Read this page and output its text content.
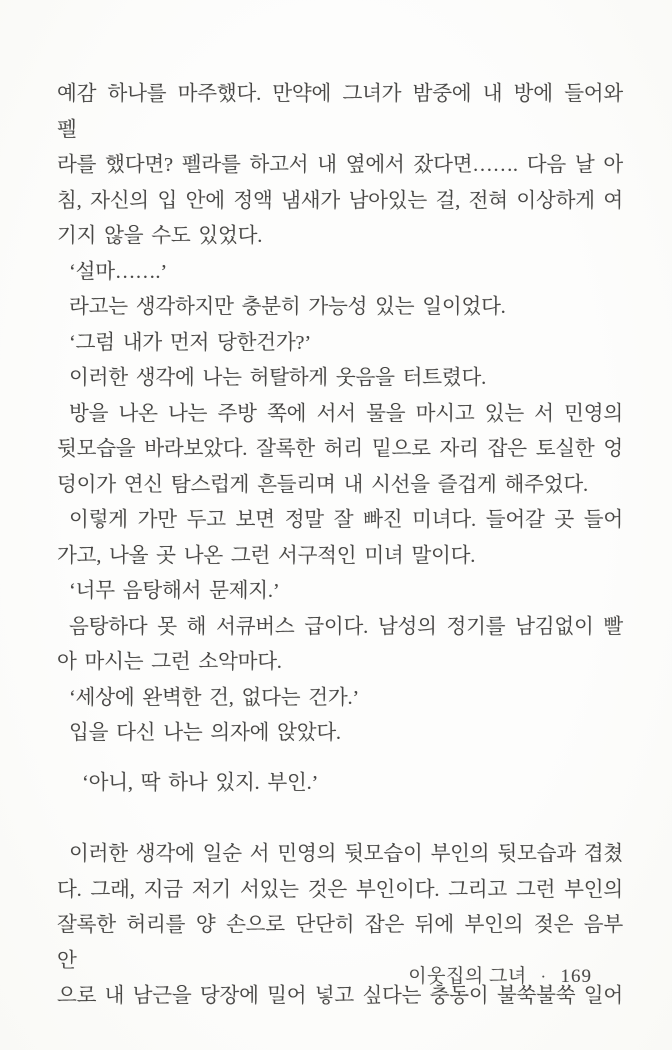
예감 하나를 마주했다. 만약에 그녀가 밤중에 내 방에 들어와 펠
라를 했다면? 펠라를 하고서 내 옆에서 잤다면……. 다음 날 아
침, 자신의 입 안에 정액 냄새가 남아있는 걸, 전혀 이상하게 여
기지 않을 수도 있었다.
‘설마…….’
라고는 생각하지만 충분히 가능성 있는 일이었다.
‘그럼 내가 먼저 당한건가?’
이러한 생각에 나는 허탈하게 웃음을 터트렸다.
방을 나온 나는 주방 쪽에 서서 물을 마시고 있는 서 민영의
뒷모습을 바라보았다. 잘록한 허리 밑으로 자리 잡은 토실한 엉
덩이가 연신 탐스럽게 흔들리며 내 시선을 즐겁게 해주었다.
이렇게 가만 두고 보면 정말 잘 빠진 미녀다. 들어갈 곳 들어
가고, 나올 곳 나온 그런 서구적인 미녀 말이다.
‘너무 음탕해서 문제지.’
음탕하다 못 해 서큐버스 급이다. 남성의 정기를 남김없이 빨
아 마시는 그런 소악마다.
‘세상에 완벽한 건, 없다는 건가.’
입을 다신 나는 의자에 앉았다.
‘아니, 딱 하나 있지. 부인.’
이러한 생각에 일순 서 민영의 뒷모습이 부인의 뒷모습과 겹쳤
다. 그래, 지금 저기 서있는 것은 부인이다. 그리고 그런 부인의
잘록한 허리를 양 손으로 단단히 잡은 뒤에 부인의 젖은 음부 안
으로 내 남근을 당장에 밀어 넣고 싶다는 충동이 불쑥불쑥 일어
이웃집의 그녀 · 169
